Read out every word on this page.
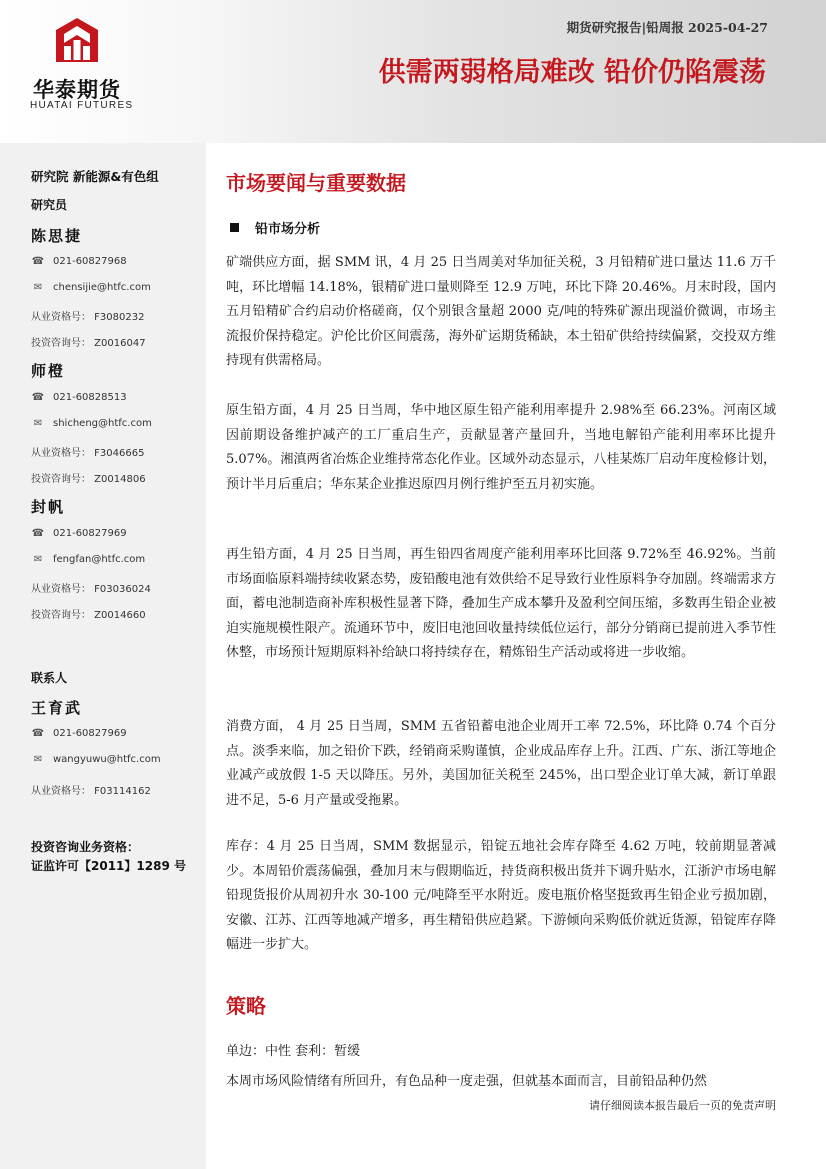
华泰期货
HUATAI FUTURES
期货研究报告|铅周报 2025-04-27
供需两弱格局难改 铅价仍陷震荡
研究院 新能源&有色组
研究员
陈思捷
☎ 021-60827968
✉ chensijie@htfc.com
从业资格号： F3080232
投资咨询号： Z0016047
师橙
☎ 021-60828513
✉ shicheng@htfc.com
从业资格号： F3046665
投资咨询号： Z0014806
封帆
☎ 021-60827969
✉ fengfan@htfc.com
从业资格号： F03036024
投资咨询号： Z0014660
联系人
王育武
☎ 021-60827969
✉ wangyuwu@htfc.com
从业资格号： F03114162
投资咨询业务资格：
证监许可【2011】1289 号
市场要闻与重要数据
铅市场分析

矿端供应方面，据 SMM 讯，4 月 25 日当周美对华加征关税，3 月铅精矿进口量达 11.6 万千吨，环比增幅 14.18%，银精矿进口量则降至 12.9 万吨，环比下降 20.46%。月末时段，国内五月铅精矿合约启动价格磋商，仅个别银含量超 2000 克/吨的特殊矿源出现溢价微调，市场主流报价保持稳定。沪伦比价区间震荡，海外矿运期货稀缺，本土铅矿供给持续偏紧，交投双方维持现有供需格局。

原生铅方面，4 月 25 日当周，华中地区原生铅产能利用率提升 2.98%至 66.23%。河南区域因前期设备维护减产的工厂重启生产，贡献显著产量回升，当地电解铅产能利用率环比提升 5.07%。湘滇两省冶炼企业维持常态化作业。区域外动态显示，八桂某炼厂启动年度检修计划，预计半月后重启；华东某企业推迟原四月例行维护至五月初实施。

再生铅方面，4 月 25 日当周，再生铅四省周度产能利用率环比回落 9.72%至 46.92%。当前市场面临原料端持续收紧态势，废铅酸电池有效供给不足导致行业性原料争夺加剧。终端需求方面，蓄电池制造商补库积极性显著下降，叠加生产成本攀升及盈利空间压缩，多数再生铅企业被迫实施规模性限产。流通环节中，废旧电池回收量持续低位运行，部分分销商已提前进入季节性休整，市场预计短期原料补给缺口将持续存在，精炼铅生产活动或将进一步收缩。

消费方面， 4 月 25 日当周，SMM 五省铅蓄电池企业周开工率 72.5%，环比降 0.74 个百分点。淡季来临，加之铅价下跌，经销商采购谨慎，企业成品库存上升。江西、广东、浙江等地企业减产或放假 1-5 天以降压。另外，美国加征关税至 245%，出口型企业订单大减，新订单跟进不足，5-6 月产量或受拖累。

库存：4 月 25 日当周，SMM 数据显示，铅锭五地社会库存降至 4.62 万吨，较前期显著减少。本周铅价震荡偏强，叠加月末与假期临近，持货商积极出货并下调升贴水，江浙沪市场电解铅现货报价从周初升水 30-100 元/吨降至平水附近。废电瓶价格坚挺致再生铅企业亏损加剧，安徽、江苏、江西等地减产增多，再生精铅供应趋紧。下游倾向采购低价就近货源，铅锭库存降幅进一步扩大。

策略
单边：中性 套利：暂缓

本周市场风险情绪有所回升，有色品种一度走强，但就基本面而言，目前铅品种仍然

请仔细阅读本报告最后一页的免责声明
